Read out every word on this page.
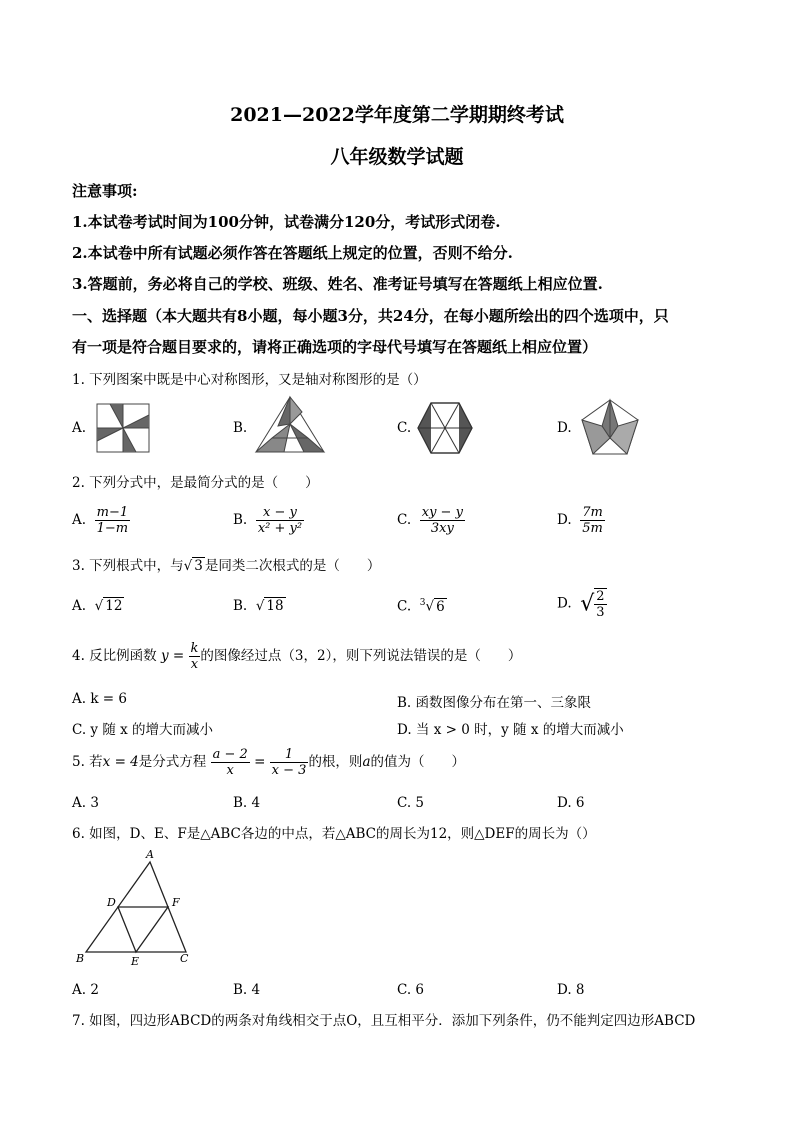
2021—2022学年度第二学期期终考试
八年级数学试题
注意事项:
1.本试卷考试时间为100分钟，试卷满分120分，考试形式闭卷.
2.本试卷中所有试题必须作答在答题纸上规定的位置，否则不给分.
3.答题前，务必将自己的学校、班级、姓名、准考证号填写在答题纸上相应位置.
一、选择题（本大题共有8小题，每小题3分，共24分，在每小题所绘出的四个选项中，只
有一项是符合题目要求的，请将正确选项的字母代号填写在答题纸上相应位置）
1. 下列图案中既是中心对称图形，又是轴对称图形的是（）
A.	B.	C.	D.
2. 下列分式中，是最简分式的是（　　）
A. $\frac{m-1}{1-m}$	B. $\frac{x - y}{\text{x² + y²}}$	C. $\frac{xy - y}{3xy}$	D. $\frac{7m}{5m}$
3. 下列根式中，与√ 3 是同类二次根式的是（　　）
A. √ 12	B. √ 18	C. $^3$√ 6	D. √ $\frac{2}{3}$
4. 反比例函数 $y = \frac{k}{x}$ 的图像经过点（3，2），则下列说法错误的是（　　）
A. k = 6	B. 函数图像分布在第一、三象限
C. y 随 x 的增大而减小	D. 当 x > 0 时，y 随 x 的增大而减小
5. 若x = 4是分式方程 $\frac{a - 2}{x} = \frac{1}{x - 3}$ 的根，则a的值为（　　）
A. 3	B. 4	C. 5	D. 6
6. 如图，D、E、F是△ABC各边的中点，若△ABC的周长为12，则△DEF的周长为（）
A
B	C
D
E
F
A. 2	B. 4	C. 6	D. 8
7. 如图，四边形ABCD的两条对角线相交于点O，且互相平分．添加下列条件，仍不能判定四边形ABCD
